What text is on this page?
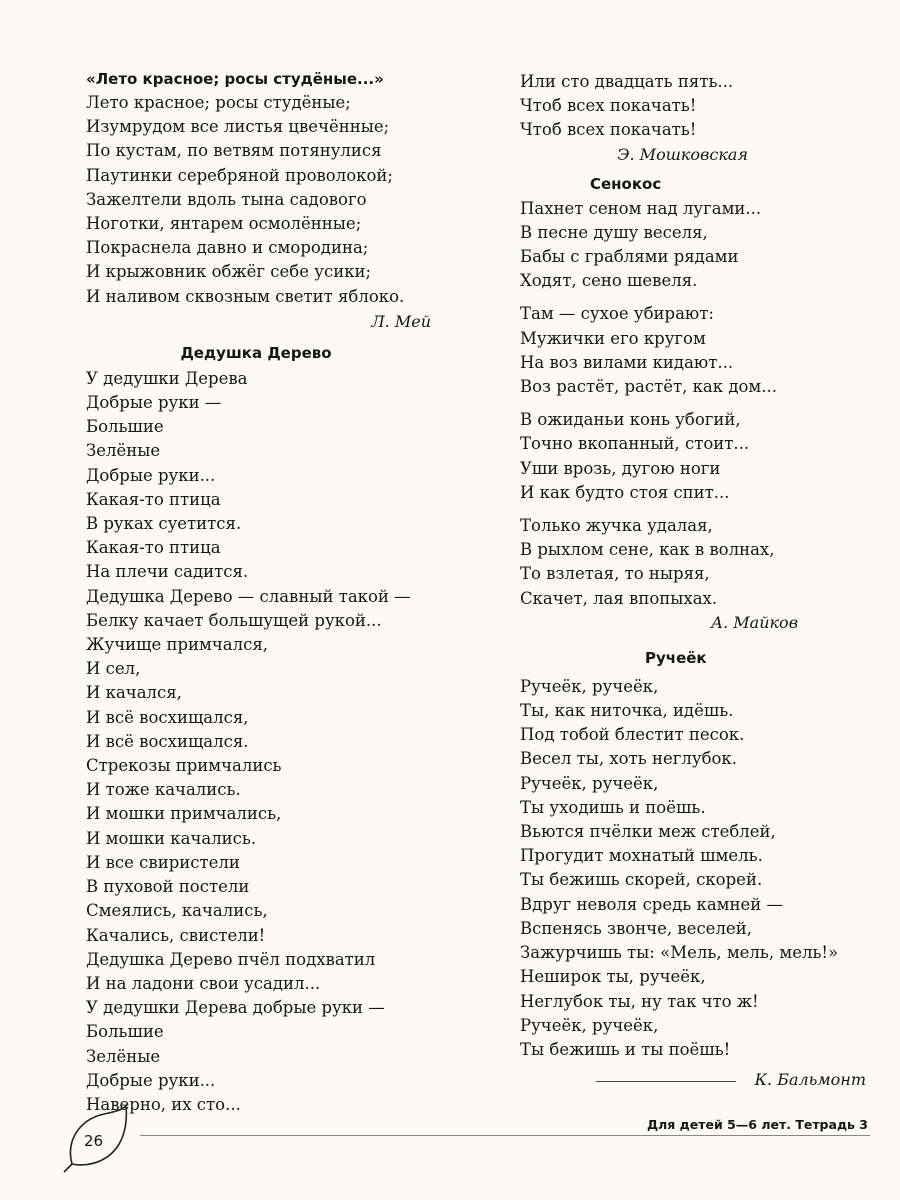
«Лето красное; росы студёные...»

Лето красное; росы студёные;
Изумрудом все листья цвечённые;
По кустам, по ветвям потянулися
Паутинки серебряной проволокой;
Зажелтели вдоль тына садового
Ноготки, янтарем осмолённые;
Покраснела давно и смородина;
И крыжовник обжёг себе усики;
И наливом сквозным светит яблоко.
Л. Мей

Дедушка Дерево

У дедушки Дерева
Добрые руки —
Большие
Зелёные
Добрые руки...
Какая-то птица
В руках суетится.
Какая-то птица
На плечи садится.
Дедушка Дерево — славный такой —
Белку качает большущей рукой...
Жучище примчался,
И сел,
И качался,
И всё восхищался,
И всё восхищался.
Стрекозы примчались
И тоже качались.
И мошки примчались,
И мошки качались.
И все свиристели
В пуховой постели
Смеялись, качались,
Качались, свистели!
Дедушка Дерево пчёл подхватил
И на ладони свои усадил...
У дедушки Дерева добрые руки —
Большие
Зелёные
Добрые руки...
Наверно, их сто...
Или сто двадцать пять...
Чтоб всех покачать!
Чтоб всех покачать!
Э. Мошковская

Сенокос

Пахнет сеном над лугами...
В песне душу веселя,
Бабы с граблями рядами
Ходят, сено шевеля.
Там — сухое убирают:
Мужички его кругом
На воз вилами кидают...
Воз растёт, растёт, как дом...
В ожиданьи конь убогий,
Точно вкопанный, стоит...
Уши врозь, дугою ноги
И как будто стоя спит...
Только жучка удалая,
В рыхлом сене, как в волнах,
То взлетая, то ныряя,
Скачет, лая впопыхах.
А. Майков

Ручеёк

Ручеёк, ручеёк,
Ты, как ниточка, идёшь.
Под тобой блестит песок.
Весел ты, хоть неглубок.
Ручеёк, ручеёк,
Ты уходишь и поёшь.
Вьются пчёлки меж стеблей,
Прогудит мохнатый шмель.
Ты бежишь скорей, скорей.
Вдруг неволя средь камней —
Вспенясь звонче, веселей,
Зажурчишь ты: «Мель, мель, мель!»
Неширок ты, ручеёк,
Неглубок ты, ну так что ж!
Ручеёк, ручеёк,
Ты бежишь и ты поёшь!
К. Бальмонт
26
Для детей 5—6 лет. Тетрадь 3
